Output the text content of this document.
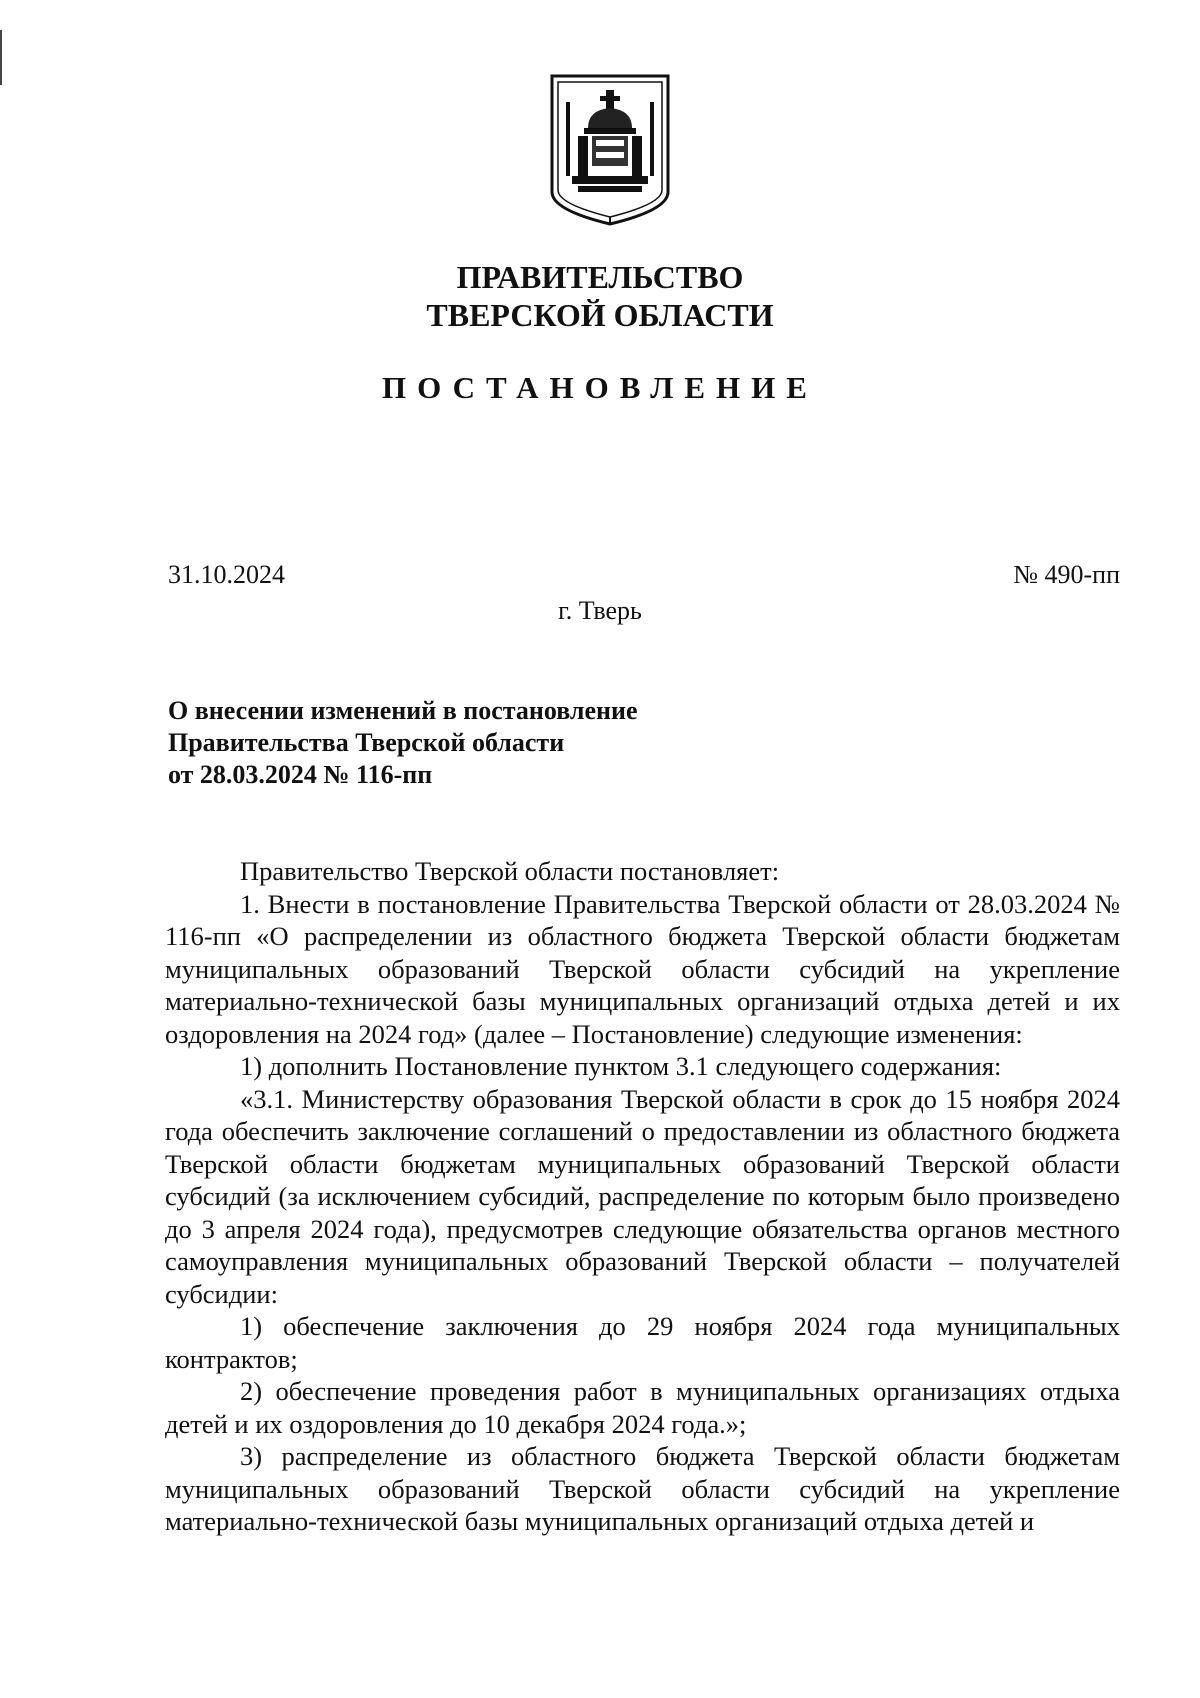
ПРАВИТЕЛЬСТВО
ТВЕРСКОЙ ОБЛАСТИ
ПОСТАНОВЛЕНИЕ
31.10.2024	№ 490-пп
г. Тверь
О внесении изменений в постановление
Правительства Тверской области
от 28.03.2024 № 116-пп

Правительство Тверской области постановляет:

1. Внести в постановление Правительства Тверской области от 28.03.2024 № 116-пп «О распределении из областного бюджета Тверской области бюджетам муниципальных образований Тверской области субсидий на укрепление материально-технической базы муниципальных организаций отдыха детей и их оздоровления на 2024 год» (далее – Постановление) следующие изменения:

1) дополнить Постановление пунктом 3.1 следующего содержания:

«3.1. Министерству образования Тверской области в срок до 15 ноября 2024 года обеспечить заключение соглашений о предоставлении из областного бюджета Тверской области бюджетам муниципальных образований Тверской области субсидий (за исключением субсидий, распределение по которым было произведено до 3 апреля 2024 года), предусмотрев следующие обязательства органов местного самоуправления муниципальных образований Тверской области – получателей субсидии:

1) обеспечение заключения до 29 ноября 2024 года муниципальных контрактов;

2) обеспечение проведения работ в муниципальных организациях отдыха детей и их оздоровления до 10 декабря 2024 года.»;

3) распределение из областного бюджета Тверской области бюджетам муниципальных образований Тверской области субсидий на укрепление материально-технической базы муниципальных организаций отдыха детей и
